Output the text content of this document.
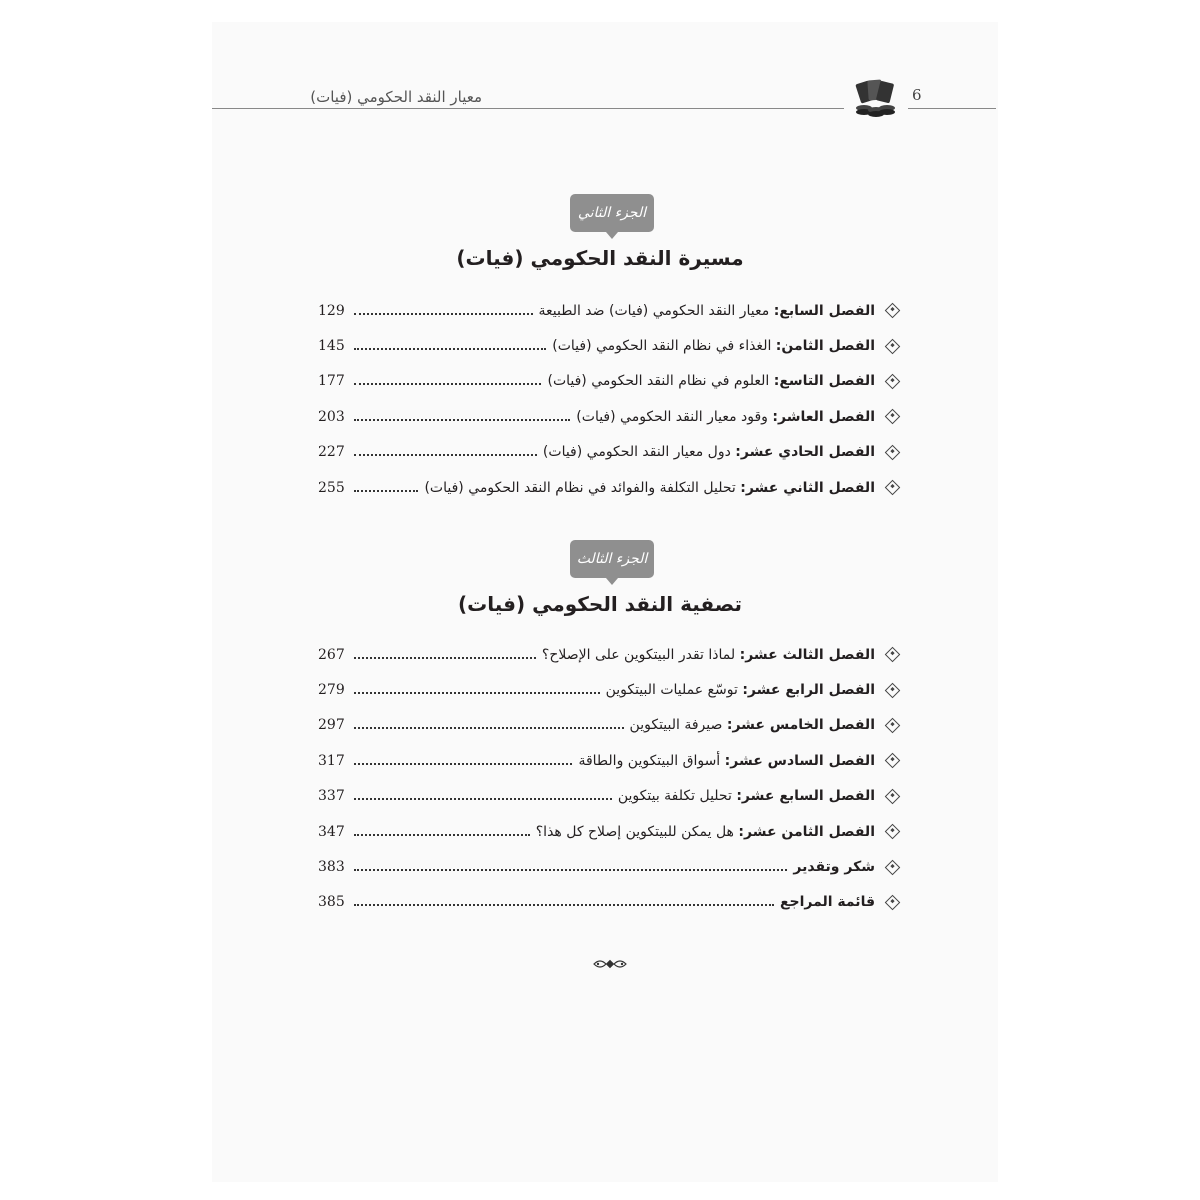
معيار النقد الحكومي (فيات)	6
الجزء الثاني
مسيرة النقد الحكومي (فيات)
الفصل السابع: معيار النقد الحكومي (فيات) ضد الطبيعة
129
الفصل الثامن: الغذاء في نظام النقد الحكومي (فيات)
145
الفصل التاسع: العلوم في نظام النقد الحكومي (فيات)
177
الفصل العاشر: وقود معيار النقد الحكومي (فيات)
203
الفصل الحادي عشر: دول معيار النقد الحكومي (فيات)
227
الفصل الثاني عشر: تحليل التكلفة والفوائد في نظام النقد الحكومي (فيات)
255
الجزء الثالث
تصفية النقد الحكومي (فيات)
الفصل الثالث عشر: لماذا تقدر البيتكوين على الإصلاح؟
267
الفصل الرابع عشر: توسّع عمليات البيتكوين
279
الفصل الخامس عشر: صيرفة البيتكوين
297
الفصل السادس عشر: أسواق البيتكوين والطاقة
317
الفصل السابع عشر: تحليل تكلفة بيتكوين
337
الفصل الثامن عشر: هل يمكن للبيتكوين إصلاح كل هذا؟
347
شكر وتقدير
383
قائمة المراجع
385
